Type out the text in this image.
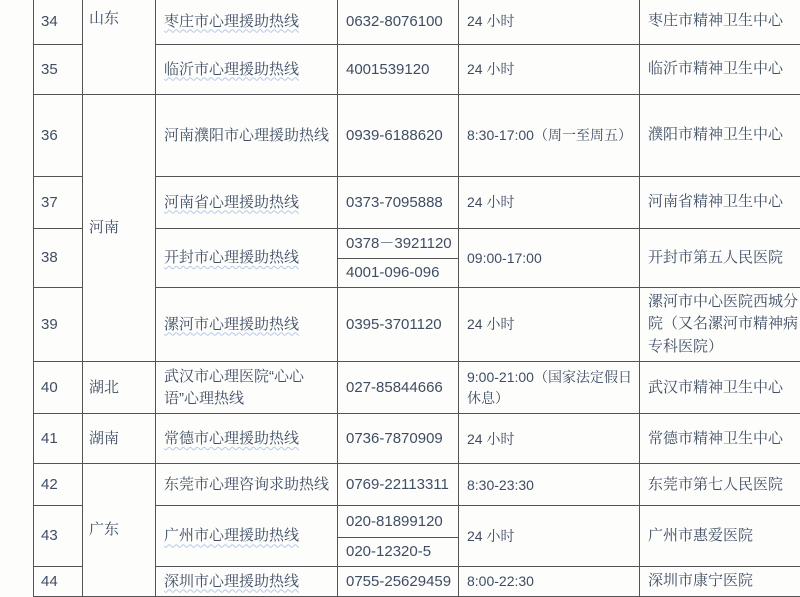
34	山东	枣庄市心理援助热线	0632-8076100	24 小时	枣庄市精神卫生中心
35		临沂市心理援助热线	4001539120	24 小时	临沂市精神卫生中心
36	河南	河南濮阳市心理援助热线	0939-6188620	8:30-17:00（周一至周五）	濮阳市精神卫生中心
37		河南省心理援助热线	0373-7095888	24 小时	河南省精神卫生中心
38		开封市心理援助热线	0378－3921120	09:00-17:00	开封市第五人民医院
			4001-096-096		
39		漯河市心理援助热线	0395-3701120	24 小时	漯河市中心医院西城分院（又名漯河市精神病专科医院）
40	湖北	武汉市心理医院“心心语”心理热线	027-85844666	9:00-21:00（国家法定假日休息）	武汉市精神卫生中心
41	湖南	常德市心理援助热线	0736-7870909	24 小时	常德市精神卫生中心
42	广东	东莞市心理咨询求助热线	0769-22113311	8:30-23:30	东莞市第七人民医院
43		广州市心理援助热线	020-81899120	24 小时	广州市惠爱医院
			020-12320-5		
44		深圳市心理援助热线	0755-25629459	8:00-22:30	深圳市康宁医院
